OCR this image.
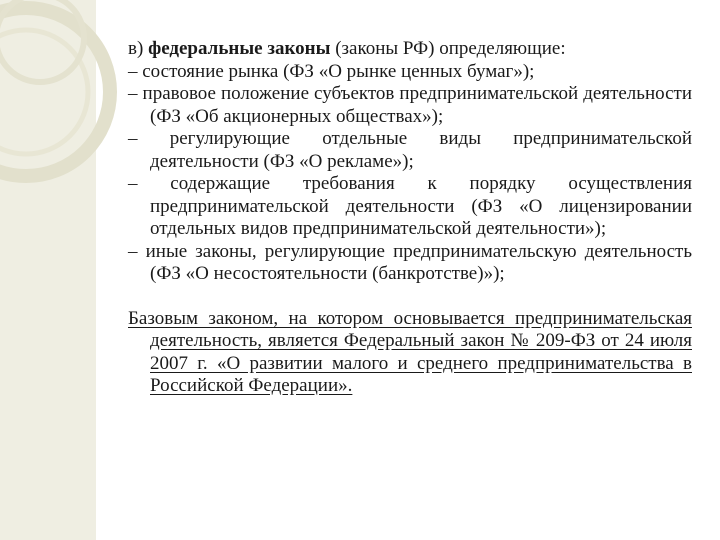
в) федеральные законы (законы РФ) определяющие:

– состояние рынка (ФЗ «О рынке ценных бумаг»);

– правовое положение субъектов предпринимательской деятельности (ФЗ «Об акционерных обществах»);

– регулирующие отдельные виды предпринимательской деятельности (ФЗ «О рекламе»);

– содержащие требования к порядку осуществления предпринимательской деятельности (ФЗ «О лицензировании отдельных видов предпринимательской деятельности»);

– иные законы, регулирующие предпринимательскую деятельность (ФЗ «О несостоятельности (банкротстве)»);

Базовым законом, на котором основывается предпринимательская деятельность, является Федеральный закон № 209-ФЗ от 24 июля 2007 г. «О развитии малого и среднего предпринимательства в Российской Федерации».
